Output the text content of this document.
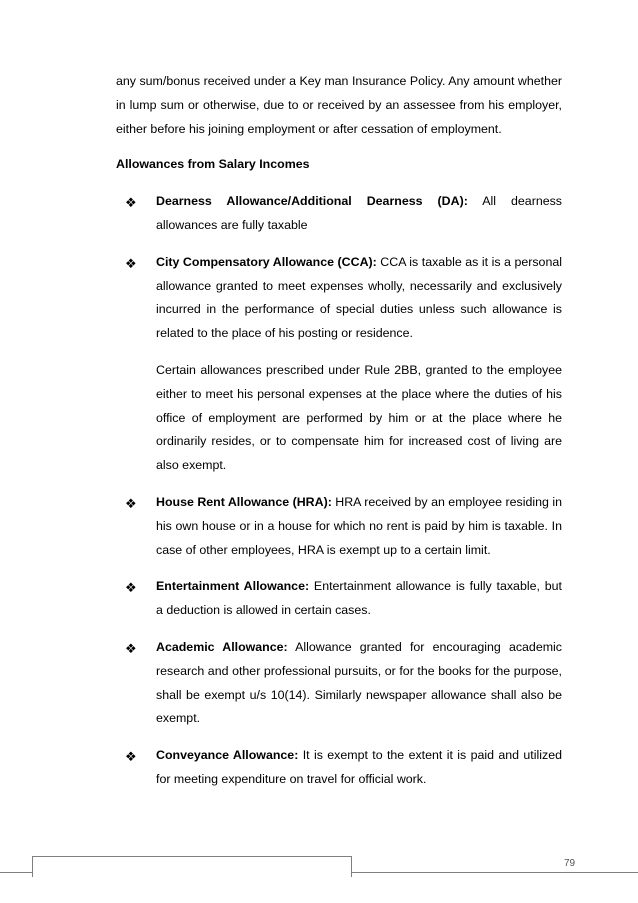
any sum/bonus received under a Key man Insurance Policy. Any amount whether in lump sum or otherwise, due to or received by an assessee from his employer, either before his joining employment or after cessation of employment.

Allowances from Salary Incomes

❖ Dearness Allowance/Additional Dearness (DA): All dearness allowances are fully taxable

❖ City Compensatory Allowance (CCA): CCA is taxable as it is a personal allowance granted to meet expenses wholly, necessarily and exclusively incurred in the performance of special duties unless such allowance is related to the place of his posting or residence.

Certain allowances prescribed under Rule 2BB, granted to the employee either to meet his personal expenses at the place where the duties of his office of employment are performed by him or at the place where he ordinarily resides, or to compensate him for increased cost of living are also exempt.

❖ House Rent Allowance (HRA): HRA received by an employee residing in his own house or in a house for which no rent is paid by him is taxable. In case of other employees, HRA is exempt up to a certain limit.

❖ Entertainment Allowance: Entertainment allowance is fully taxable, but a deduction is allowed in certain cases.

❖ Academic Allowance: Allowance granted for encouraging academic research and other professional pursuits, or for the books for the purpose, shall be exempt u/s 10(14). Similarly newspaper allowance shall also be exempt.

❖ Conveyance Allowance: It is exempt to the extent it is paid and utilized for meeting expenditure on travel for official work.

79
